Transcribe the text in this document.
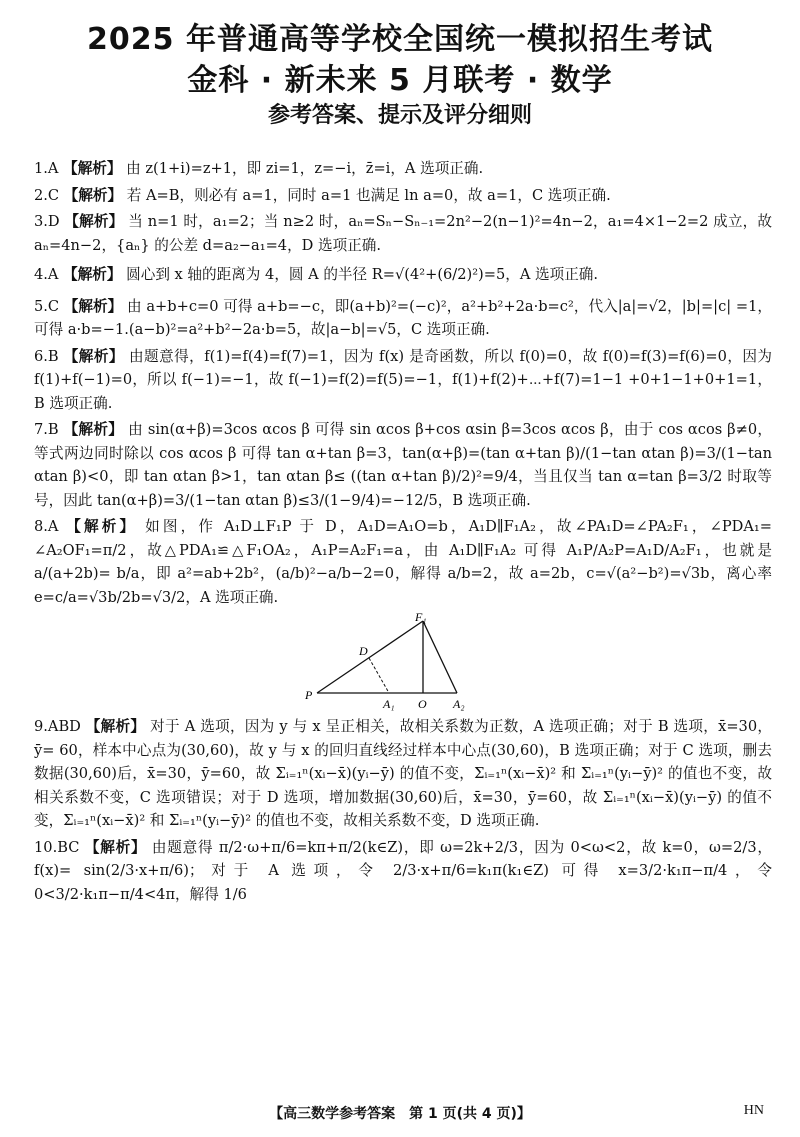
2025 年普通高等学校全国统一模拟招生考试
金科 · 新未来 5 月联考 · 数学
参考答案、提示及评分细则
1.A 【解析】 由 z(1+i)=z+1，即 zi=1，z=−i，z̄=i，A 选项正确.
2.C 【解析】 若 A=B，则必有 a=1，同时 a=1 也满足 ln a=0，故 a=1，C 选项正确.
3.D 【解析】 当 n=1 时，a₁=2；当 n≥2 时，aₙ=Sₙ−Sₙ₋₁=2n²−2(n−1)²=4n−2，a₁=4×1−2=2 成立，故 aₙ=4n−2，{aₙ} 的公差 d=a₂−a₁=4，D 选项正确.
4.A 【解析】 圆心到 x 轴的距离为 4，圆 A 的半径 R=√(4²+(6/2)²)=5，A 选项正确.
5.C 【解析】 由 a+b+c=0 可得 a+b=−c，即(a+b)²=(−c)²，a²+b²+2a·b=c²，代入|a|=√2，|b|=|c| =1，可得 a·b=−1.(a−b)²=a²+b²−2a·b=5，故|a−b|=√5，C 选项正确.
6.B 【解析】 由题意得，f(1)=f(4)=f(7)=1，因为 f(x) 是奇函数，所以 f(0)=0，故 f(0)=f(3)=f(6)=0，因为 f(1)+f(−1)=0，所以 f(−1)=−1，故 f(−1)=f(2)=f(5)=−1，f(1)+f(2)+⋯+f(7)=1−1 +0+1−1+0+1=1，B 选项正确.
7.B 【解析】 由 sin(α+β)=3cos αcos β 可得 sin αcos β+cos αsin β=3cos αcos β，由于 cos αcos β≠0，等式两边同时除以 cos αcos β 可得 tan α+tan β=3，tan(α+β)=(tan α+tan β)/(1−tan αtan β)=3/(1−tan αtan β)<0，即 tan αtan β>1，tan αtan β≤ ((tan α+tan β)/2)²=9/4，当且仅当 tan α=tan β=3/2 时取等号，因此 tan(α+β)=3/(1−tan αtan β)≤3/(1−9/4)=−12/5，B 选项正确.
8.A 【解析】 如图，作 A₁D⊥F₁P 于 D，A₁D=A₁O=b，A₁D∥F₁A₂，故∠PA₁D=∠PA₂F₁，∠PDA₁= ∠A₂OF₁=π/2，故△PDA₁≌△F₁OA₂，A₁P=A₂F₁=a，由 A₁D∥F₁A₂ 可得 A₁P/A₂P=A₁D/A₂F₁，也就是 a/(a+2b)= b/a，即 a²=ab+2b²，(a/b)²−a/b−2=0，解得 a/b=2，故 a=2b，c=√(a²−b²)=√3b，离心率 e=c/a=√3b/2b=√3/2，A 选项正确.
F₁
D
P
A₁ O A₂
9.ABD 【解析】 对于 A 选项，因为 y 与 x 呈正相关，故相关系数为正数，A 选项正确；对于 B 选项，x̄=30，ȳ= 60，样本中心点为(30,60)，故 y 与 x 的回归直线经过样本中心点(30,60)，B 选项正确；对于 C 选项，删去数据(30,60)后，x̄=30，ȳ=60，故 Σᵢ₌₁ⁿ(xᵢ−x̄)(yᵢ−ȳ) 的值不变，Σᵢ₌₁ⁿ(xᵢ−x̄)² 和 Σᵢ₌₁ⁿ(yᵢ−ȳ)² 的值也不变，故相关系数不变，C 选项错误；对于 D 选项，增加数据(30,60)后，x̄=30，ȳ=60，故 Σᵢ₌₁ⁿ(xᵢ−x̄)(yᵢ−ȳ) 的值不变，Σᵢ₌₁ⁿ(xᵢ−x̄)² 和 Σᵢ₌₁ⁿ(yᵢ−ȳ)² 的值也不变，故相关系数不变，D 选项正确.
10.BC 【解析】 由题意得 π/2·ω+π/6=kπ+π/2(k∈Z)，即 ω=2k+2/3，因为 0<ω<2，故 k=0，ω=2/3，f(x)= sin(2/3·x+π/6)；对于 A 选项，令 2/3·x+π/6=k₁π(k₁∈Z) 可得 x=3/2·k₁π−π/4，令 0<3/2·k₁π−π/4<4π，解得 1/6
【高三数学参考答案　第 1 页(共 4 页)】	HN
